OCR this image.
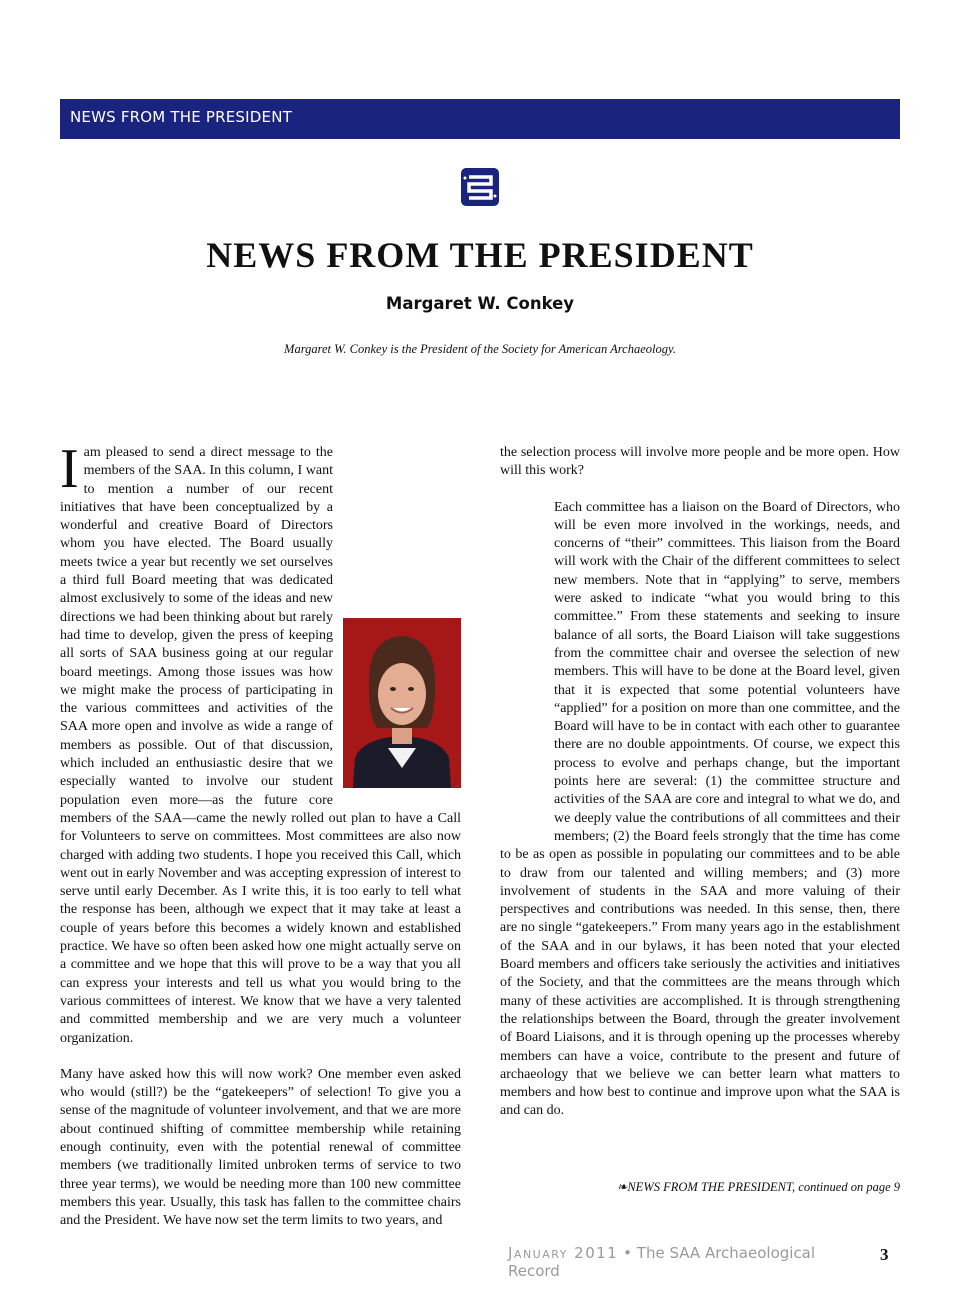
NEWS FROM THE PRESIDENT
NEWS FROM THE PRESIDENT
Margaret W. Conkey
Margaret W. Conkey is the President of the Society for American Archaeology.

Iam pleased to send a direct message to the members of the SAA. In this column, I want to mention a number of our recent initiatives that have been conceptualized by a wonderful and creative Board of Directors whom you have elected. The Board usually meets twice a year but recently we set ourselves a third full Board meeting that was dedicated almost exclusively to some of the ideas and new directions we had been thinking about but rarely had time to develop, given the press of keeping all sorts of SAA business going at our regular board meetings. Among those issues was how we might make the process of participating in the various committees and activities of the SAA more open and involve as wide a range of members as possible. Out of that discussion, which included an enthusiastic desire that we especially wanted to involve our student population even more—as the future core members of the SAA—came the newly rolled out plan to have a Call for Volunteers to serve on committees. Most committees are also now charged with adding two students. I hope you received this Call, which went out in early November and was accepting expression of interest to serve until early December. As I write this, it is too early to tell what the response has been, although we expect that it may take at least a couple of years before this becomes a widely known and established practice. We have so often been asked how one might actually serve on a committee and we hope that this will prove to be a way that you all can express your interests and tell us what you would bring to the various committees of interest. We know that we have a very talented and committed membership and we are very much a volunteer organization.

Many have asked how this will now work? One member even asked who would (still?) be the “gatekeepers” of selection! To give you a sense of the magnitude of volunteer involvement, and that we are more about continued shifting of committee membership while retaining enough continuity, even with the potential renewal of committee members (we traditionally limited unbroken terms of service to two three year terms), we would be needing more than 100 new committee members this year. Usually, this task has fallen to the committee chairs and the President. We have now set the term limits to two years, and

the selection process will involve more people and be more open. How will this work?

Each committee has a liaison on the Board of Directors, who will be even more involved in the workings, needs, and concerns of “their” committees. This liaison from the Board will work with the Chair of the different committees to select new members. Note that in “applying” to serve, members were asked to indicate “what you would bring to this committee.” From these statements and seeking to insure balance of all sorts, the Board Liaison will take suggestions from the committee chair and oversee the selection of new members. This will have to be done at the Board level, given that it is expected that some potential volunteers have “applied” for a position on more than one committee, and the Board will have to be in contact with each other to guarantee there are no double appointments. Of course, we expect this process to evolve and perhaps change, but the important points here are several: (1) the committee structure and activities of the SAA are core and integral to what we do, and we deeply value the contributions of all committees and their members; (2) the Board feels strongly that the time has come to be as open as possible in populating our committees and to be able to draw from our talented and willing members; and (3) more involvement of students in the SAA and more valuing of their perspectives and contributions was needed. In this sense, then, there are no single “gatekeepers.” From many years ago in the establishment of the SAA and in our bylaws, it has been noted that your elected Board members and officers take seriously the activities and initiatives of the Society, and that the committees are the means through which many of these activities are accomplished. It is through strengthening the relationships between the Board, through the greater involvement of Board Liaisons, and it is through opening up the processes whereby members can have a voice, contribute to the present and future of archaeology that we believe we can better learn what matters to members and how best to continue and improve upon what the SAA is and can do.

❧NEWS FROM THE PRESIDENT, continued on page 9
January 2011 • The SAA Archaeological Record
3
